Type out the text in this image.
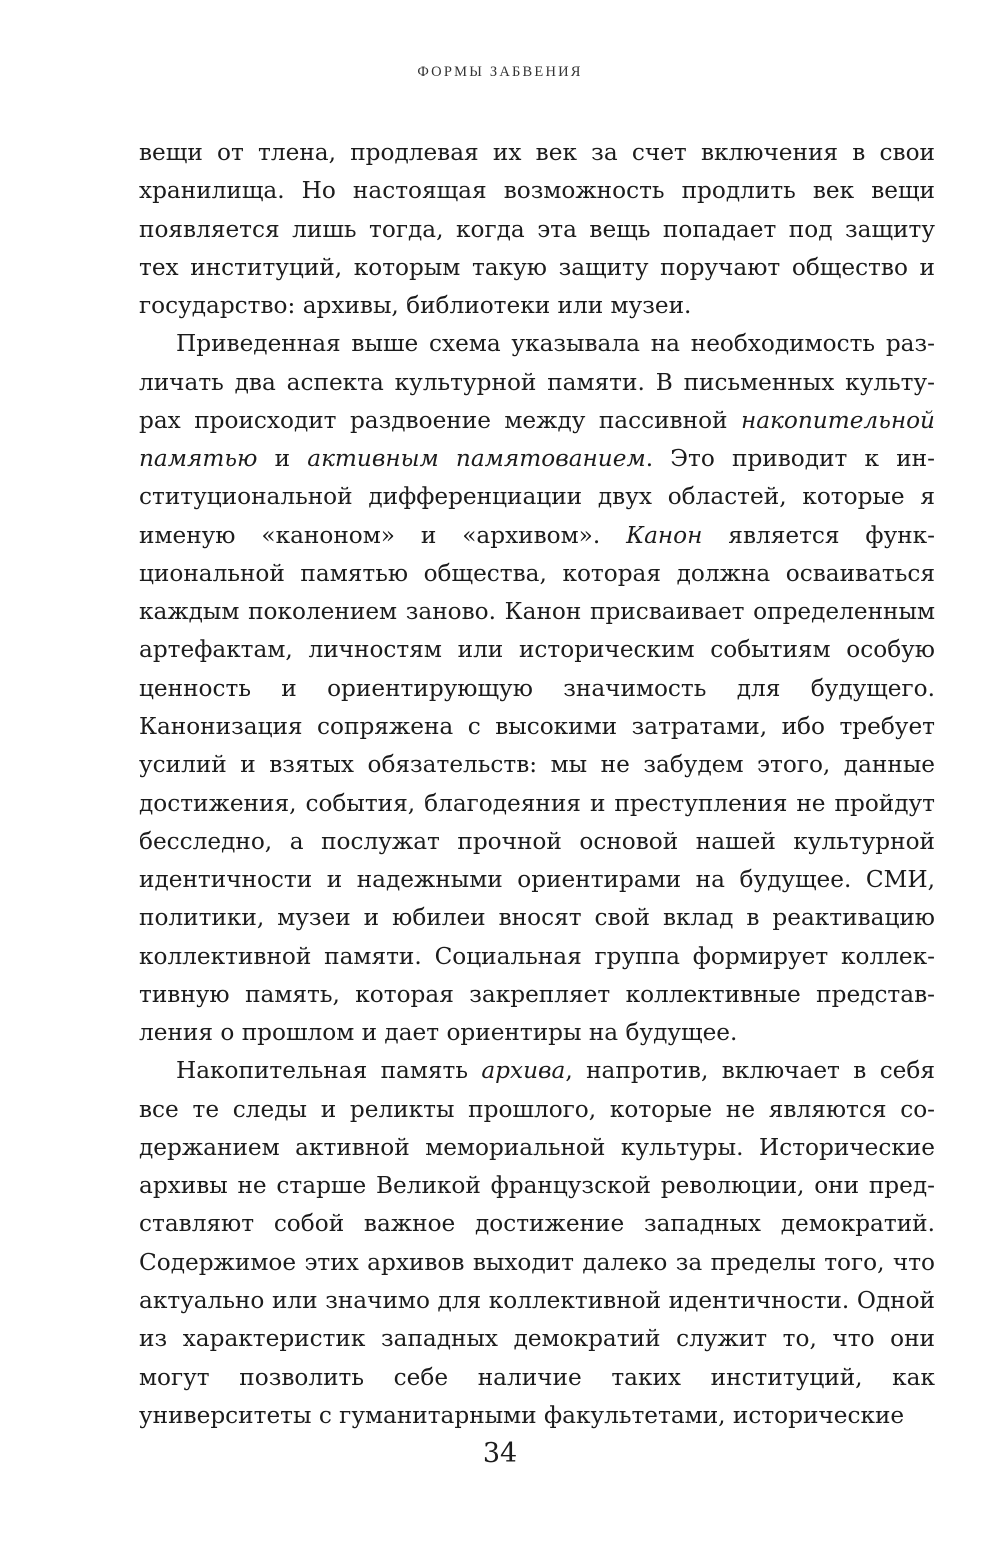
ФОРМЫ ЗАБВЕНИЯ

вещи от тлена, продлевая их век за счет включения в свои хранилища. Но настоящая возможность продлить век вещи появляется лишь тогда, когда эта вещь попадает под защиту тех институций, которым такую защиту поручают общество и государство: архивы, библиотеки или музеи.

Приведенная выше схема указывала на необходимость различать два аспекта культурной памяти. В письменных культурах происходит раздвоение между пассивной накопительной памятью и активным памятованием. Это приводит к институциональной дифференциации двух областей, которые я именую «каноном» и «архивом». Канон является функциональной памятью общества, которая должна осваиваться каждым поколением заново. Канон присваивает определенным артефактам, личностям или историческим событиям особую ценность и ориентирующую значимость для будущего. Канонизация сопряжена с высокими затратами, ибо требует усилий и взятых обязательств: мы не забудем этого, данные достижения, события, благодеяния и преступления не пройдут бесследно, а послужат прочной основой нашей культурной идентичности и надежными ориентирами на будущее. СМИ, политики, музеи и юбилеи вносят свой вклад в реактивацию коллективной памяти. Социальная группа формирует коллективную память, которая закрепляет коллективные представления о прошлом и дает ориентиры на будущее.

Накопительная память архива, напротив, включает в себя все те следы и реликты прошлого, которые не являются содержанием активной мемориальной культуры. Исторические архивы не старше Великой французской революции, они представляют собой важное достижение западных демократий. Содержимое этих архивов выходит далеко за пределы того, что актуально или значимо для коллективной идентичности. Одной из характеристик западных демократий служит то, что они могут позволить себе наличие таких институций, как университеты с гуманитарными факультетами, исторические

34
